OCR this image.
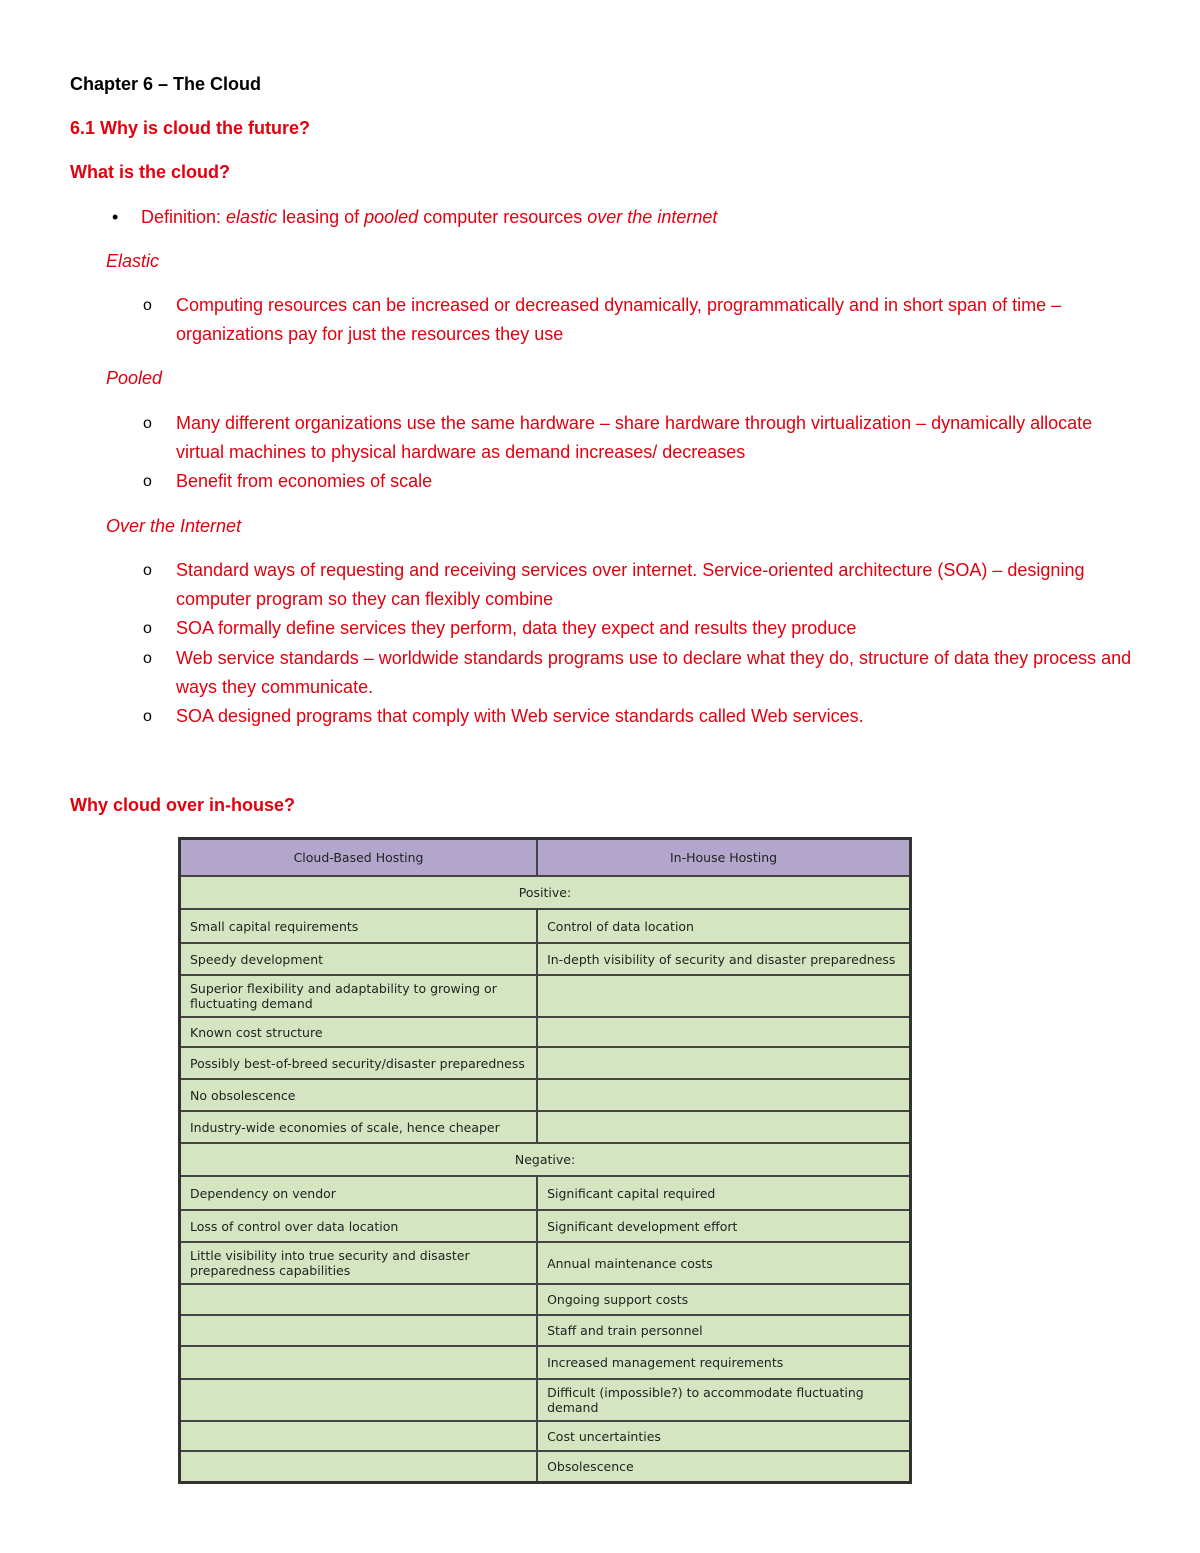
Chapter 6 – The Cloud

6.1 Why is cloud the future?

What is the cloud?

• Definition: elastic leasing of pooled computer resources over the internet

Elastic

o Computing resources can be increased or decreased dynamically, programmatically and in short span of time – organizations pay for just the resources they use

Pooled

o Many different organizations use the same hardware – share hardware through virtualization – dynamically allocate virtual machines to physical hardware as demand increases/ decreases

o Benefit from economies of scale

Over the Internet

o Standard ways of requesting and receiving services over internet. Service-oriented architecture (SOA) – designing computer program so they can flexibly combine

o SOA formally define services they perform, data they expect and results they produce

o Web service standards – worldwide standards programs use to declare what they do, structure of data they process and ways they communicate.

o SOA designed programs that comply with Web service standards called Web services.

Why cloud over in-house?

Cloud-Based Hosting	In-House Hosting
Positive:	
Small capital requirements	Control of data location
Speedy development	In-depth visibility of security and disaster preparedness
Superior flexibility and adaptability to growing or fluctuating demand	
Known cost structure	
Possibly best-of-breed security/disaster preparedness	
No obsolescence	
Industry-wide economies of scale, hence cheaper	
Negative:	
Dependency on vendor	Significant capital required
Loss of control over data location	Significant development effort
Little visibility into true security and disaster preparedness capabilities	Annual maintenance costs
	Ongoing support costs
	Staff and train personnel
	Increased management requirements
	Difficult (impossible?) to accommodate fluctuating demand
	Cost uncertainties
	Obsolescence
